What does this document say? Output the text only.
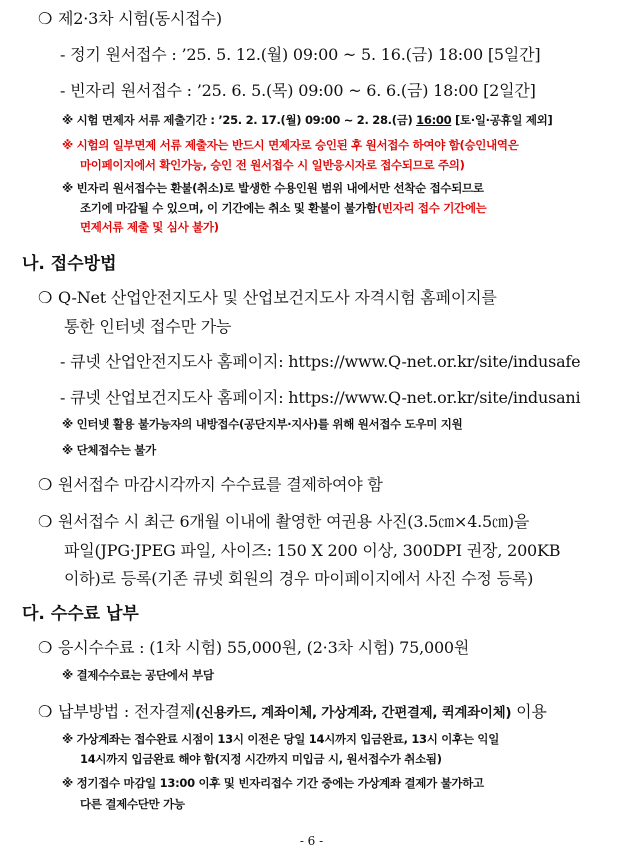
❍ 제2·3차 시험(동시접수)
- 정기 원서접수 : ’25. 5. 12.(월) 09:00 ~ 5. 16.(금) 18:00 [5일간]
- 빈자리 원서접수 : ’25. 6. 5.(목) 09:00 ~ 6. 6.(금) 18:00 [2일간]
※ 시험 면제자 서류 제출기간 : ’25. 2. 17.(월) 09:00 ~ 2. 28.(금) 16:00 [토·일·공휴일 제외]
※ 시험의 일부면제 서류 제출자는 반드시 면제자로 승인된 후 원서접수 하여야 함(승인내역은
마이페이지에서 확인가능, 승인 전 원서접수 시 일반응시자로 접수되므로 주의)
※ 빈자리 원서접수는 환불(취소)로 발생한 수용인원 범위 내에서만 선착순 접수되므로
조기에 마감될 수 있으며, 이 기간에는 취소 및 환불이 불가함(빈자리 접수 기간에는
면제서류 제출 및 심사 불가)
나. 접수방법
❍ Q-Net 산업안전지도사 및 산업보건지도사 자격시험 홈페이지를
통한 인터넷 접수만 가능
- 큐넷 산업안전지도사 홈페이지: https://www.Q-net.or.kr/site/indusafe
- 큐넷 산업보건지도사 홈페이지: https://www.Q-net.or.kr/site/indusani
※ 인터넷 활용 불가능자의 내방접수(공단지부·지사)를 위해 원서접수 도우미 지원
※ 단체접수는 불가
❍ 원서접수 마감시각까지 수수료를 결제하여야 함
❍ 원서접수 시 최근 6개월 이내에 촬영한 여권용 사진(3.5㎝×4.5㎝)을
파일(JPG·JPEG 파일, 사이즈: 150 X 200 이상, 300DPI 권장, 200KB
이하)로 등록(기존 큐넷 회원의 경우 마이페이지에서 사진 수정 등록)
다. 수수료 납부
❍ 응시수수료 : (1차 시험) 55,000원, (2·3차 시험) 75,000원
※ 결제수수료는 공단에서 부담
❍ 납부방법 : 전자결제(신용카드, 계좌이체, 가상계좌, 간편결제, 퀵계좌이체) 이용
※ 가상계좌는 접수완료 시점이 13시 이전은 당일 14시까지 입금완료, 13시 이후는 익일
14시까지 입금완료 해야 함(지정 시간까지 미입금 시, 원서접수가 취소됨)
※ 정기접수 마감일 13:00 이후 및 빈자리접수 기간 중에는 가상계좌 결제가 불가하고
다른 결제수단만 가능
- 6 -
